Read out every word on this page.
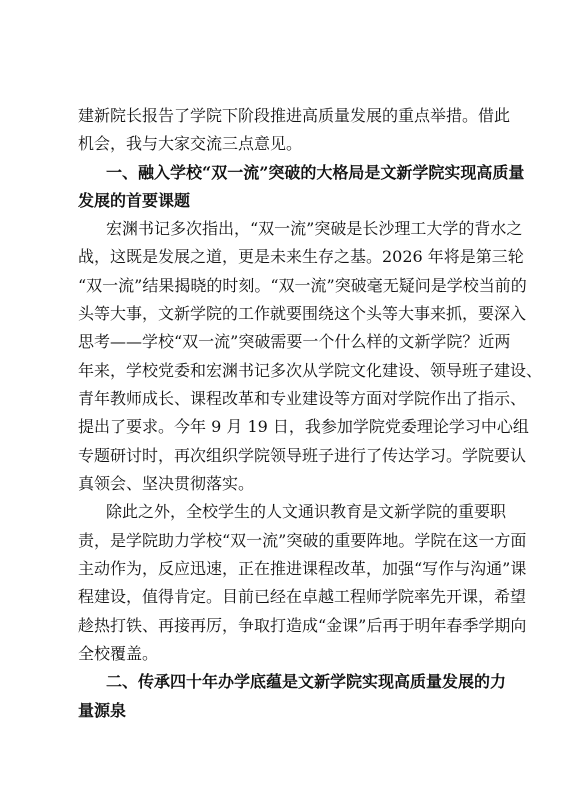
建新院长报告了学院下阶段推进高质量发展的重点举措。借此
机会，我与大家交流三点意见。
一、融入学校“双一流”突破的大格局是文新学院实现高质量
发展的首要课题
宏渊书记多次指出，“双一流”突破是长沙理工大学的背水之
战，这既是发展之道，更是未来生存之基。2026 年将是第三轮
“双一流”结果揭晓的时刻。“双一流”突破毫无疑问是学校当前的
头等大事，文新学院的工作就要围绕这个头等大事来抓，要深入
思考——学校“双一流”突破需要一个什么样的文新学院？近两
年来，学校党委和宏渊书记多次从学院文化建设、领导班子建设、
青年教师成长、课程改革和专业建设等方面对学院作出了指示、
提出了要求。今年 9 月 19 日，我参加学院党委理论学习中心组
专题研讨时，再次组织学院领导班子进行了传达学习。学院要认
真领会、坚决贯彻落实。
除此之外，全校学生的人文通识教育是文新学院的重要职
责，是学院助力学校“双一流”突破的重要阵地。学院在这一方面
主动作为，反应迅速，正在推进课程改革，加强“写作与沟通”课
程建设，值得肯定。目前已经在卓越工程师学院率先开课，希望
趁热打铁、再接再厉，争取打造成“金课”后再于明年春季学期向
全校覆盖。
二、传承四十年办学底蕴是文新学院实现高质量发展的力
量源泉
